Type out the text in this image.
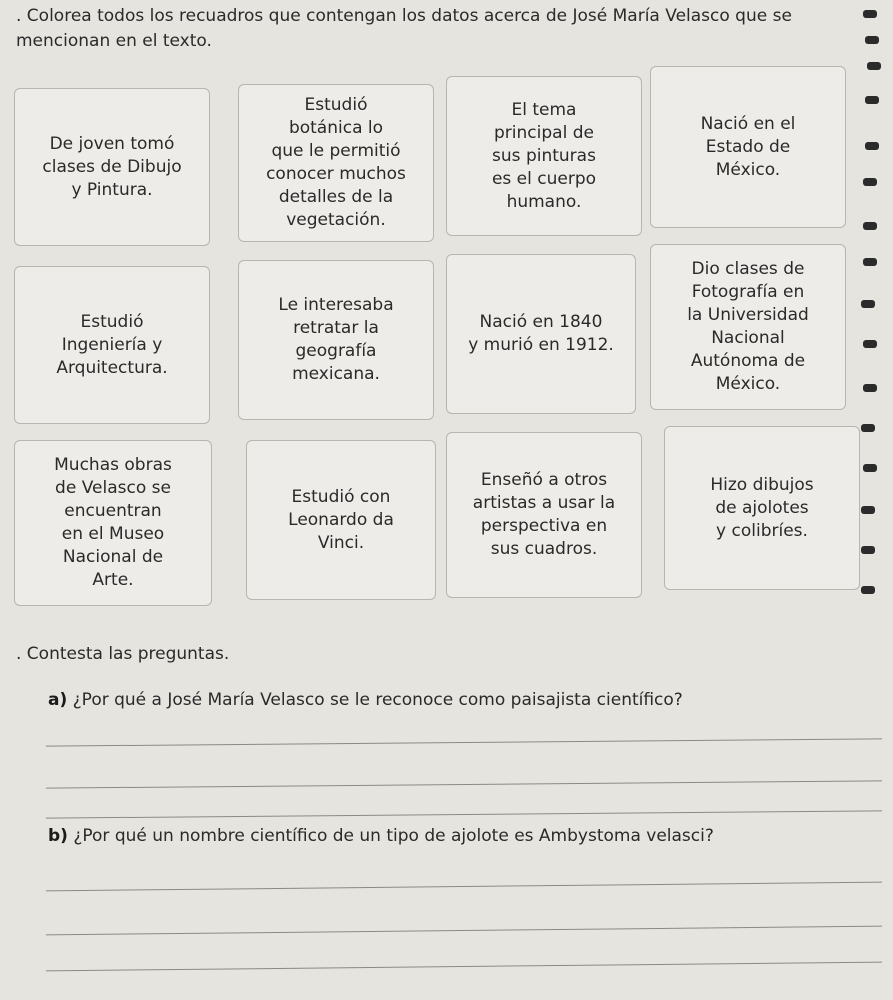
. Colorea todos los recuadros que contengan los datos acerca de José María Velasco que se mencionan en el texto.
De joven tomó
clases de Dibujo
y Pintura.
Estudió
botánica lo
que le permitió
conocer muchos
detalles de la
vegetación.
El tema
principal de
sus pinturas
es el cuerpo
humano.
Nació en el
Estado de
México.
Estudió
Ingeniería y
Arquitectura.
Le interesaba
retratar la
geografía
mexicana.
Nació en 1840
y murió en 1912.
Dio clases de
Fotografía en
la Universidad
Nacional
Autónoma de
México.
Muchas obras
de Velasco se
encuentran
en el Museo
Nacional de
Arte.
Estudió con
Leonardo da
Vinci.
Enseñó a otros
artistas a usar la
perspectiva en
sus cuadros.
Hizo dibujos
de ajolotes
y colibríes.
. Contesta las preguntas.
a) ¿Por qué a José María Velasco se le reconoce como paisajista científico?
b) ¿Por qué un nombre científico de un tipo de ajolote es Ambystoma velasci?
